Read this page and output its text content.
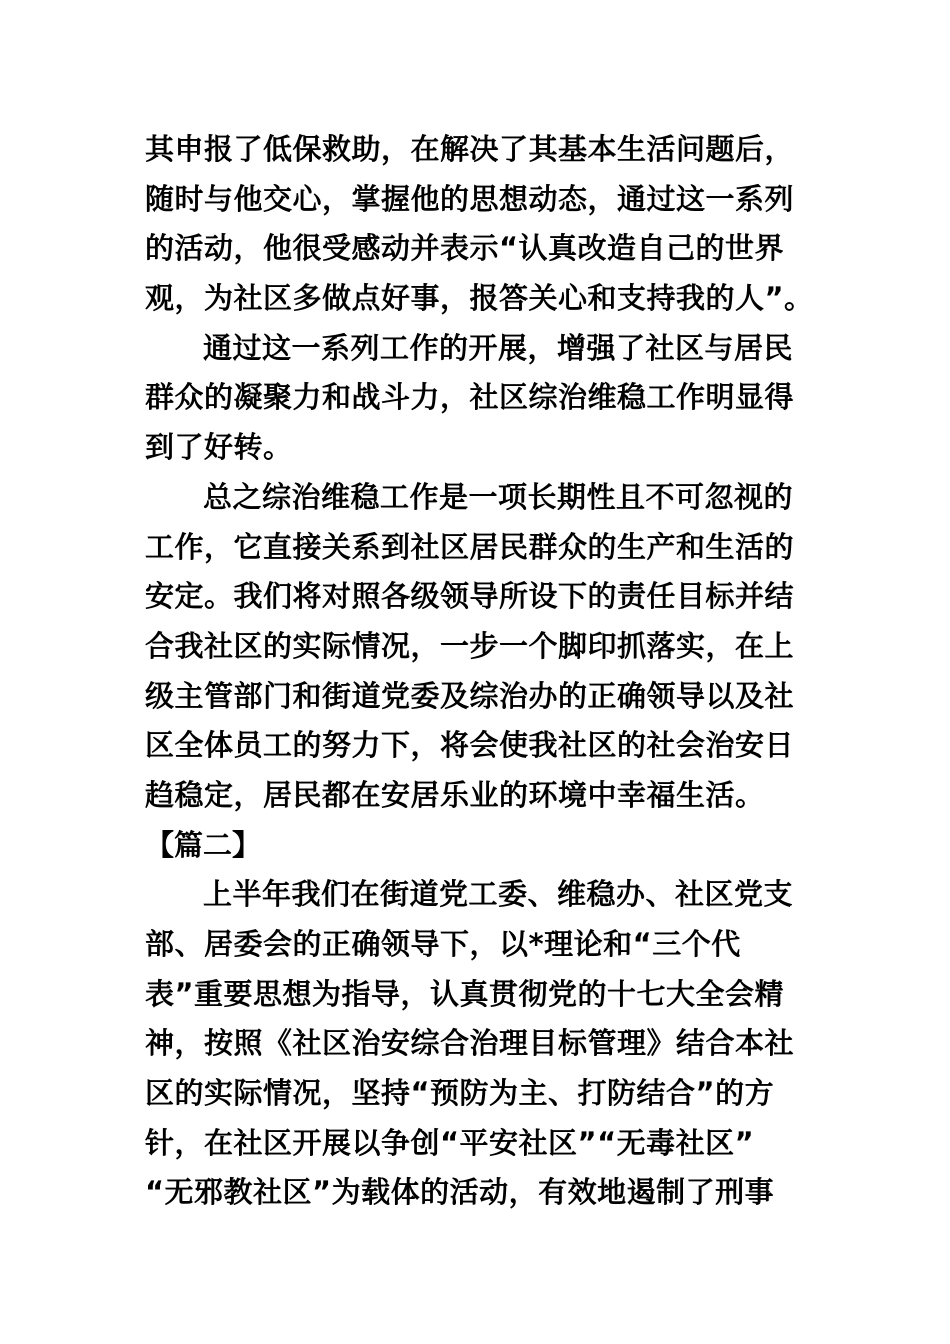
其申报了低保救助，在解决了其基本生活问题后，
随时与他交心，掌握他的思想动态，通过这一系列
的活动，他很受感动并表示“认真改造自己的世界
观，为社区多做点好事，报答关心和支持我的人”。
通过这一系列工作的开展，增强了社区与居民
群众的凝聚力和战斗力，社区综治维稳工作明显得
到了好转。
总之综治维稳工作是一项长期性且不可忽视的
工作，它直接关系到社区居民群众的生产和生活的
安定。我们将对照各级领导所设下的责任目标并结
合我社区的实际情况，一步一个脚印抓落实，在上
级主管部门和街道党委及综治办的正确领导以及社
区全体员工的努力下，将会使我社区的社会治安日
趋稳定，居民都在安居乐业的环境中幸福生活。
【篇二】
上半年我们在街道党工委、维稳办、社区党支
部、居委会的正确领导下，以*理论和“三个代
表”重要思想为指导，认真贯彻党的十七大全会精
神，按照《社区治安综合治理目标管理》结合本社
区的实际情况，坚持“预防为主、打防结合”的方
针，在社区开展以争创“平安社区”“无毒社区”
“无邪教社区”为载体的活动，有效地遏制了刑事
